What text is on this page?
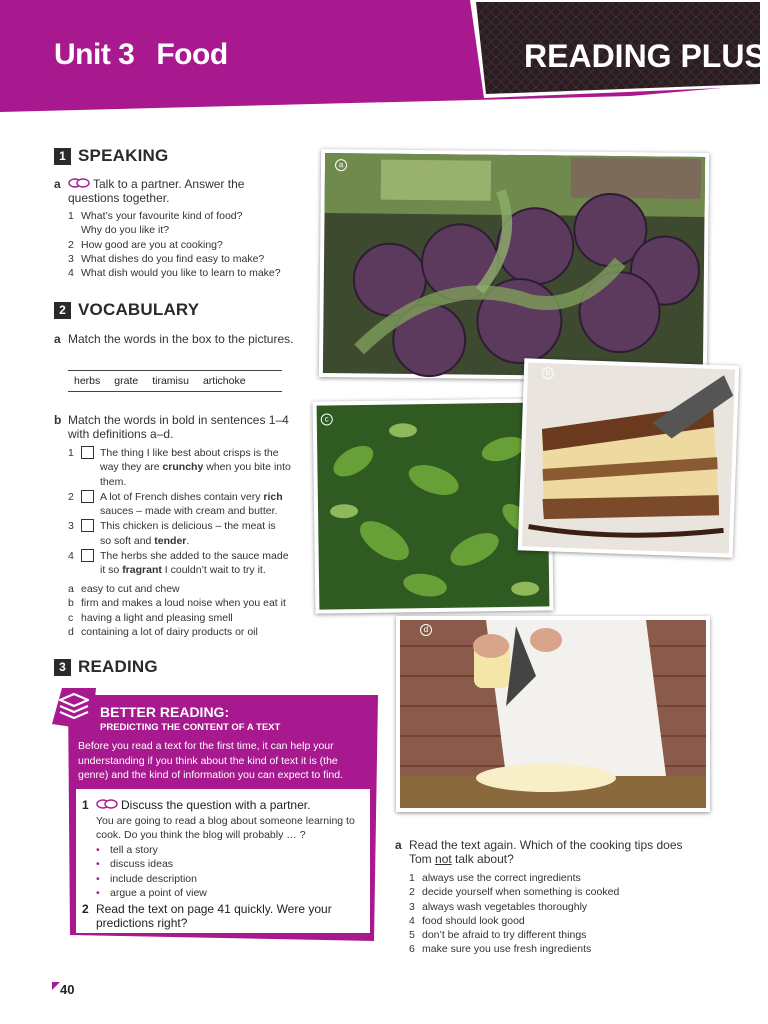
Unit 3 Food	READING PLUS
1 SPEAKING
a	Talk to a partner. Answer the questions together.
1 What’s your favourite kind of food?
Why do you like it?
2 How good are you at cooking?
3 What dishes do you find easy to make?
4 What dish would you like to learn to make?
2 VOCABULARY
a Match the words in the box to the pictures.
herbs grate tiramisu artichoke
b Match the words in bold in sentences 1–4 with definitions a–d.
1	The thing I like best about crisps is the
way they are crunchy when you bite into
them.
2	A lot of French dishes contain very rich
sauces – made with cream and butter.
3	This chicken is delicious – the meat is
so soft and tender.
4	The herbs she added to the sauce made
it so fragrant I couldn’t wait to try it.
a easy to cut and chew
b firm and makes a loud noise when you eat it
c having a light and pleasing smell
d containing a lot of dairy products or oil
3 READING
BETTER READING:
PREDICTING THE CONTENT OF A TEXT
Before you read a text for the first time, it can help your understanding if you think about the kind of text it is (the genre) and the kind of information you can expect to find.
1	Discuss the question with a partner.
You are going to read a blog about someone learning to cook. Do you think the blog will probably … ?
• tell a story
• discuss ideas
• include description
• argue a point of view
2 Read the text on page 41 quickly. Were your predictions right?
a Read the text again. Which of the cooking tips does Tom not talk about?
1 always use the correct ingredients
2 decide yourself when something is cooked
3 always wash vegetables thoroughly
4 food should look good
5 don’t be afraid to try different things
6 make sure you use fresh ingredients
a
c
b
d
40
